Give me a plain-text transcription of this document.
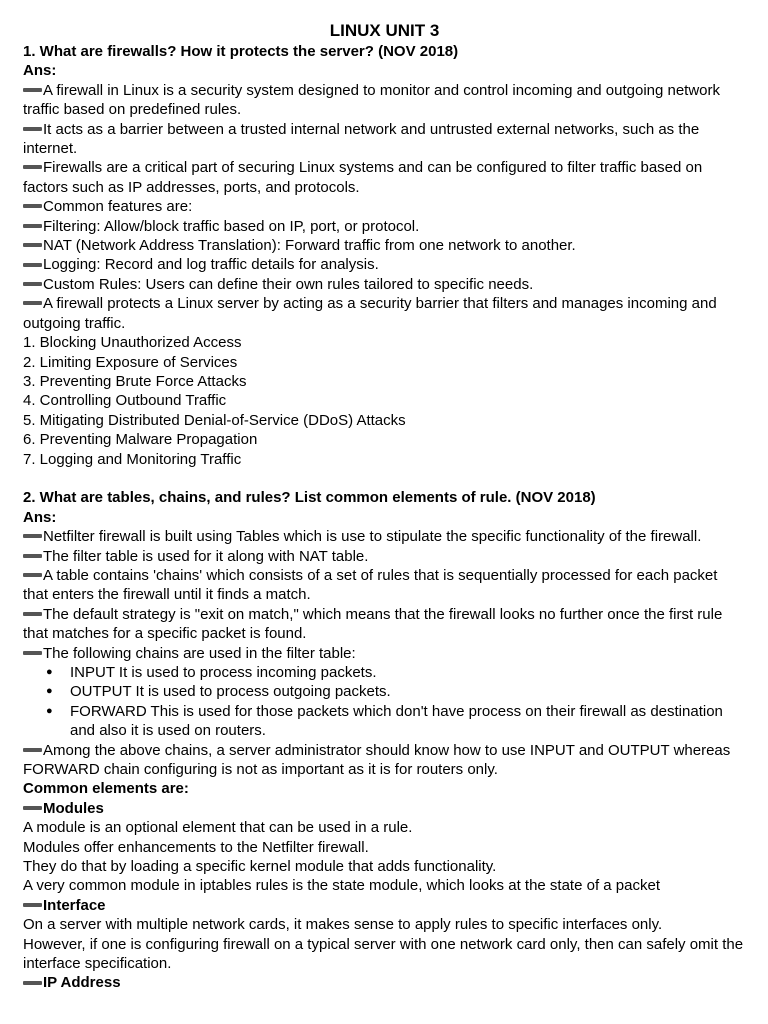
LINUX UNIT 3
1. What are firewalls? How it protects the server? (NOV 2018)
Ans:
A firewall in Linux is a security system designed to monitor and control incoming and outgoing network traffic based on predefined rules.
It acts as a barrier between a trusted internal network and untrusted external networks, such as the internet.
Firewalls are a critical part of securing Linux systems and can be configured to filter traffic based on factors such as IP addresses, ports, and protocols.
Common features are:
Filtering: Allow/block traffic based on IP, port, or protocol.
NAT (Network Address Translation): Forward traffic from one network to another.
Logging: Record and log traffic details for analysis.
Custom Rules: Users can define their own rules tailored to specific needs.
A firewall protects a Linux server by acting as a security barrier that filters and manages incoming and outgoing traffic.
1. Blocking Unauthorized Access
2. Limiting Exposure of Services
3. Preventing Brute Force Attacks
4. Controlling Outbound Traffic
5. Mitigating Distributed Denial-of-Service (DDoS) Attacks
6. Preventing Malware Propagation
7. Logging and Monitoring Traffic
2. What are tables, chains, and rules? List common elements of rule. (NOV 2018)
Ans:
Netfilter firewall is built using Tables which is use to stipulate the specific functionality of the firewall.
The filter table is used for it along with NAT table.
A table contains 'chains' which consists of a set of rules that is sequentially processed for each packet that enters the firewall until it finds a match.
The default strategy is "exit on match," which means that the firewall looks no further once the first rule that matches for a specific packet is found.
The following chains are used in the filter table:
● INPUT It is used to process incoming packets.
● OUTPUT It is used to process outgoing packets.
● FORWARD This is used for those packets which don't have process on their firewall as destination and also it is used on routers.
Among the above chains, a server administrator should know how to use INPUT and OUTPUT whereas FORWARD chain configuring is not as important as it is for routers only.
Common elements are:
Modules
A module is an optional element that can be used in a rule.
Modules offer enhancements to the Netfilter firewall.
They do that by loading a specific kernel module that adds functionality.
A very common module in iptables rules is the state module, which looks at the state of a packet
Interface
On a server with multiple network cards, it makes sense to apply rules to specific interfaces only.
However, if one is configuring firewall on a typical server with one network card only, then can safely omit the interface specification.
IP Address
